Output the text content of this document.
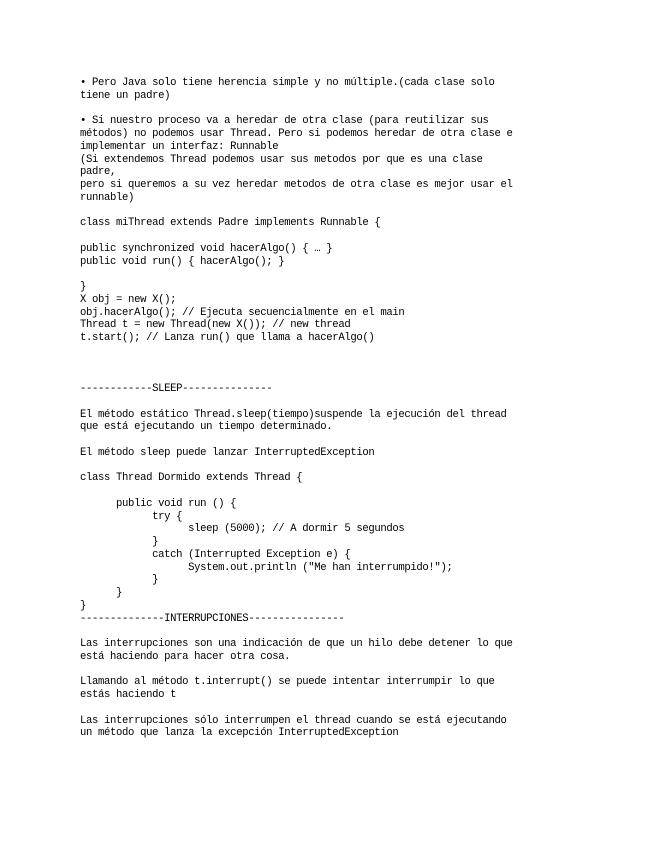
• Pero Java solo tiene herencia simple y no múltiple.(cada clase solo
tiene un padre)
• Si nuestro proceso va a heredar de otra clase (para reutilizar sus
métodos) no podemos usar Thread. Pero si podemos heredar de otra clase e
implementar un interfaz: Runnable
(Si extendemos Thread podemos usar sus metodos por que es una clase
padre,
pero si queremos a su vez heredar metodos de otra clase es mejor usar el
runnable)
class miThread extends Padre implements Runnable {
public synchronized void hacerAlgo() { … }
public void run() { hacerAlgo(); }
}
X obj = new X();
obj.hacerAlgo(); // Ejecuta secuencialmente en el main
Thread t = new Thread(new X()); // new thread
t.start(); // Lanza run() que llama a hacerAlgo()
------------SLEEP---------------
El método estático Thread.sleep(tiempo)suspende la ejecución del thread
que está ejecutando un tiempo determinado.
El método sleep puede lanzar InterruptedException
class Thread Dormido extends Thread {
public void run () {
try {
sleep (5000); // A dormir 5 segundos
}
catch (Interrupted Exception e) {
System.out.println ("Me han interrumpido!");
}
}
}
--------------INTERRUPCIONES----------------
Las interrupciones son una indicación de que un hilo debe detener lo que
está haciendo para hacer otra cosa.
Llamando al método t.interrupt() se puede intentar interrumpir lo que
estás haciendo t
Las interrupciones sólo interrumpen el thread cuando se está ejecutando
un método que lanza la excepción InterruptedException
